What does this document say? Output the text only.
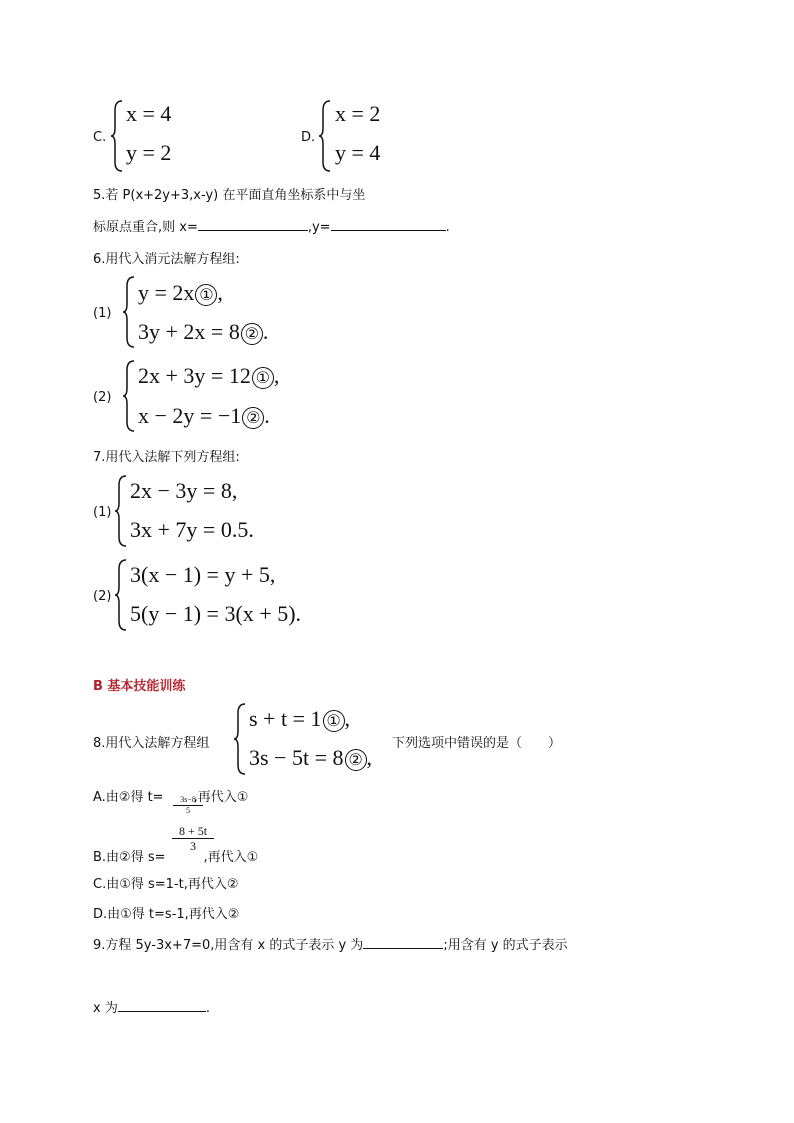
C.
x = 4
y = 2
D.
x = 2
y = 4
5.若 P(x+2y+3,x-y) 在平面直角坐标系中与坐
标原点重合,则 x=	,y=	.
6.用代入消元法解方程组:
(1)
y = 2x ① ,
3y + 2x = 8 ② .
(2)
2x + 3y = 12 ① ,
x − 2y = −1 ② .
7.用代入法解下列方程组:
(1)
2x − 3y = 8,
3x + 7y = 0.5.
(2)
3(x − 1) = y + 5,
5(y − 1) = 3(x + 5).
B 基本技能训练
8.用代入法解方程组
s + t = 1 ① ,
3s − 5t = 8 ② ,
下列选项中错误的是（　　）
A.由②得 t= ,再代入①
3s−8
5
8 + 5t
3
B.由②得 s=	,再代入①
C.由①得 s=1-t,再代入②
D.由①得 t=s-1,再代入②
9.方程 5y-3x+7=0,用含有 x 的式子表示 y 为	;用含有 y 的式子表示
x 为	.
